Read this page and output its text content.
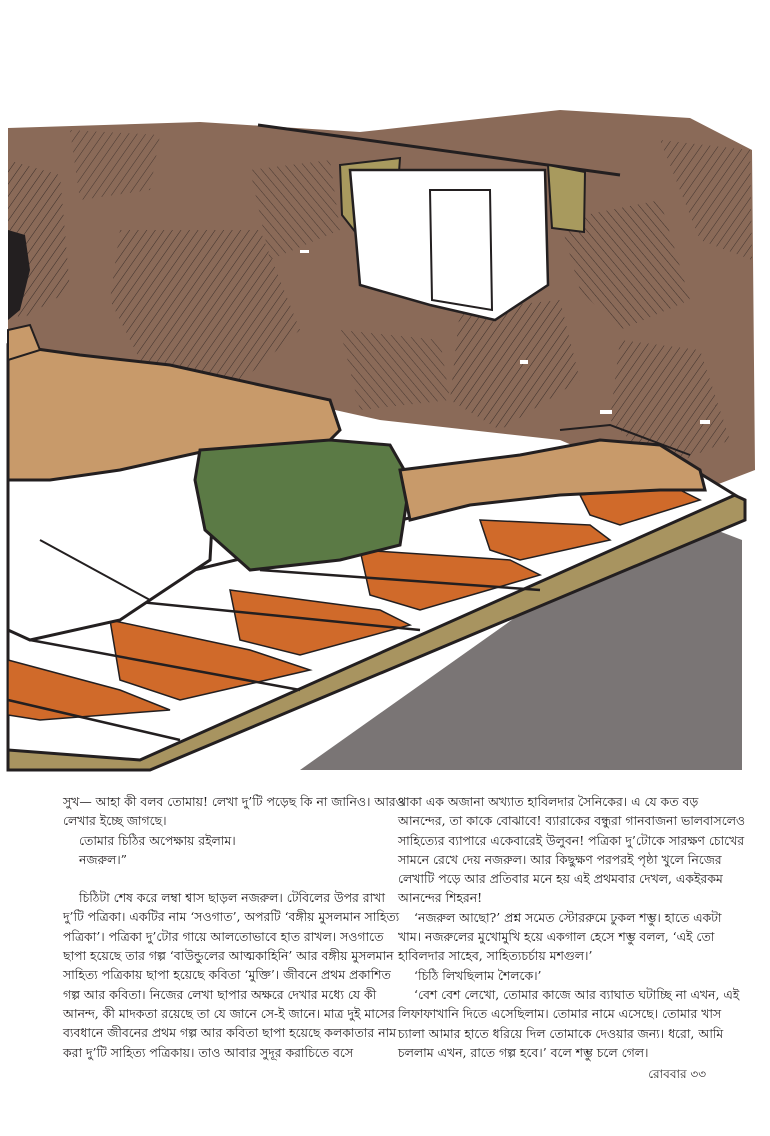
সুখ— আহা কী বলব তোমায়! লেখা দু’টি পড়েছ কি না জানিও। আরও লেখার ইচ্ছে জাগছে।

তোমার চিঠির অপেক্ষায় রইলাম।

নজরুল।”

চিঠিটা শেষ করে লম্বা শ্বাস ছাড়ল নজরুল। টেবিলের উপর রাখা দু’টি পত্রিকা। একটির নাম ‘সওগাত’, অপরটি ‘বঙ্গীয় মুসলমান সাহিত্য পত্রিকা’। পত্রিকা দু’টোর গায়ে আলতোভাবে হাত রাখল। সওগাতে ছাপা হয়েছে তার গল্প ‘বাউন্ডুলের আত্মকাহিনি’ আর বঙ্গীয় মুসলমান সাহিত্য পত্রিকায় ছাপা হয়েছে কবিতা ‘মুক্তি’। জীবনে প্রথম প্রকাশিত গল্প আর কবিতা। নিজের লেখা ছাপার অক্ষরে দেখার মধ্যে যে কী আনন্দ, কী মাদকতা রয়েছে তা যে জানে সে-ই জানে। মাত্র দুই মাসের ব্যবধানে জীবনের প্রথম গল্প আর কবিতা ছাপা হয়েছে কলকাতার নাম করা দু’টি সাহিত্য পত্রিকায়। তাও আবার সুদূর করাচিতে বসে

থাকা এক অজানা অখ্যাত হাবিলদার সৈনিকের। এ যে কত বড় আনন্দের, তা কাকে বোঝাবে! ব্যারাকের বন্ধুরা গানবাজনা ভালবাসলেও সাহিত্যের ব্যাপারে একেবারেই উলুবন! পত্রিকা দু’টোকে সারক্ষণ চোখের সামনে রেখে দেয় নজরুল। আর কিছুক্ষণ পরপরই পৃষ্ঠা খুলে নিজের লেখাটি পড়ে আর প্রতিবার মনে হয় এই প্রথমবার দেখল, একইরকম আনন্দের শিহরন!

‘নজরুল আছো?’ প্রশ্ন সমেত স্টোররুমে ঢুকল শম্ভু। হাতে একটা খাম। নজরুলের মুখোমুখি হয়ে একগাল হেসে শম্ভু বলল, ‘এই তো হাবিলদার সাহেব, সাহিত্যচর্চায় মশগুল।’

‘চিঠি লিখছিলাম শৈলকে।’

‘বেশ বেশ লেখো, তোমার কাজে আর ব্যাঘাত ঘটাচ্ছি না এখন, এই লিফাফাখানি দিতে এসেছিলাম। তোমার নামে এসেছে। তোমার খাস চ্যালা আমার হাতে ধরিয়ে দিল তোমাকে দেওয়ার জন্য। ধরো, আমি চললাম এখন, রাতে গল্প হবে।’ বলে শম্ভু চলে গেল।

রোববার ৩৩
